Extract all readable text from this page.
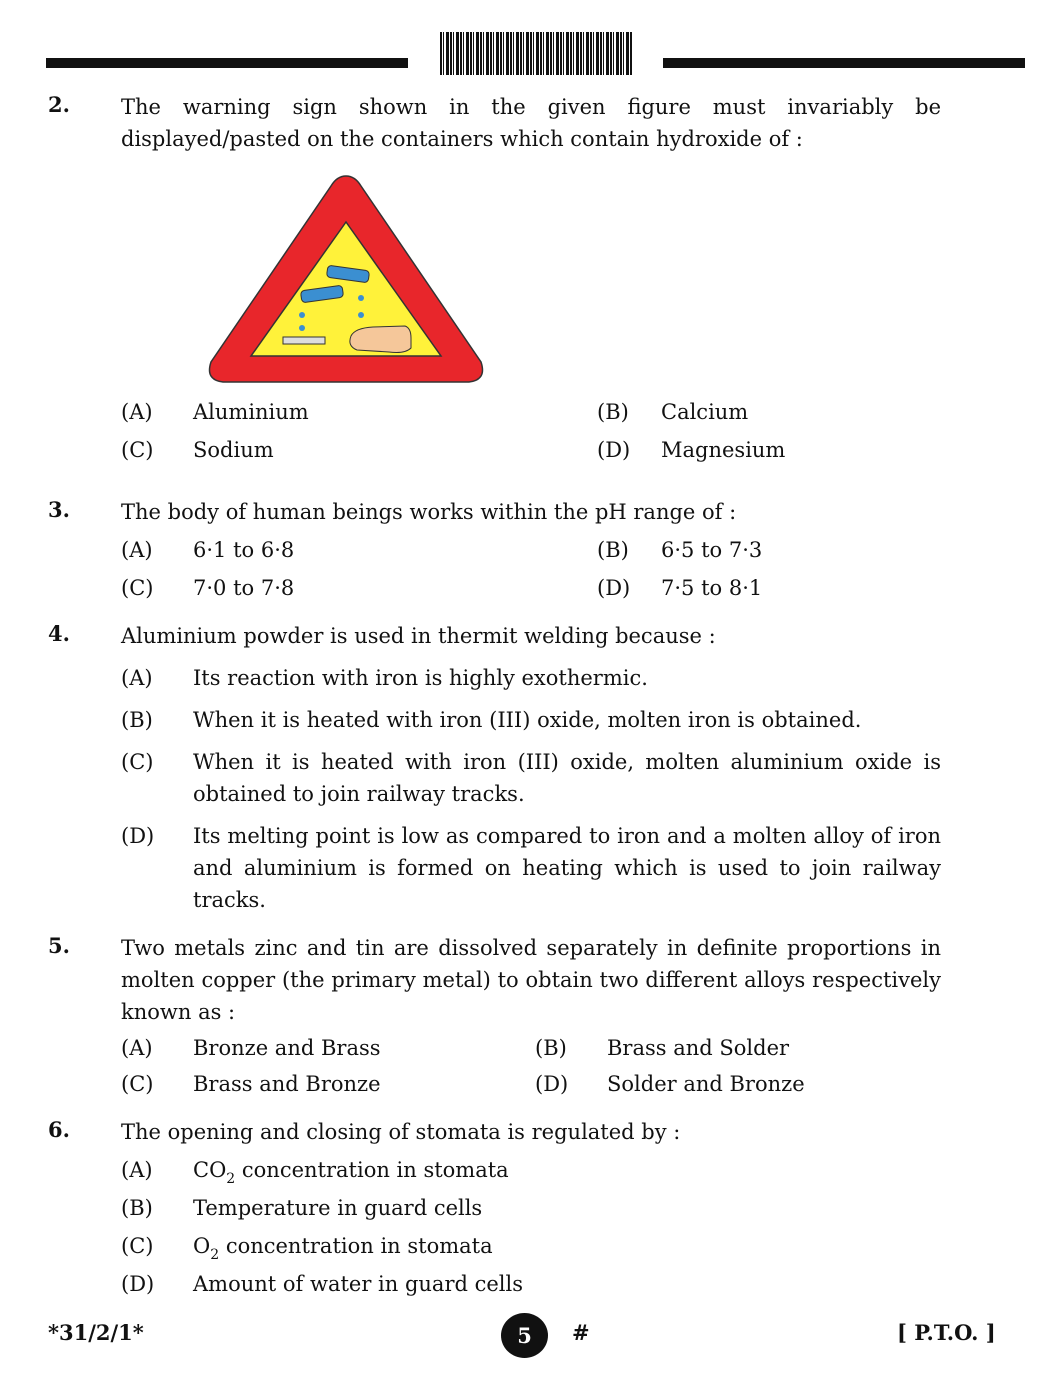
2. The warning sign shown in the given figure must invariably be displayed/pasted on the containers which contain hydroxide of :
(A) Aluminium	(B) Calcium
(C) Sodium	(D) Magnesium
3. The body of human beings works within the pH range of :
(A) 6·1 to 6·8	(B) 6·5 to 7·3
(C) 7·0 to 7·8	(D) 7·5 to 8·1
4. Aluminium powder is used in thermit welding because :
(A) Its reaction with iron is highly exothermic.
(B) When it is heated with iron (III) oxide, molten iron is obtained.
(C) When it is heated with iron (III) oxide, molten aluminium oxide is obtained to join railway tracks.
(D) Its melting point is low as compared to iron and a molten alloy of iron and aluminium is formed on heating which is used to join railway tracks.
5. Two metals zinc and tin are dissolved separately in definite proportions in molten copper (the primary metal) to obtain two different alloys respectively known as :
(A) Bronze and Brass	(B) Brass and Solder
(C) Brass and Bronze	(D) Solder and Bronze
6. The opening and closing of stomata is regulated by :
(A) $CO_2$ concentration in stomata
(B) Temperature in guard cells
(C) $O_2$ concentration in stomata
(D) Amount of water in guard cells
*31/2/1*	5	#	[ P.T.O. ]
